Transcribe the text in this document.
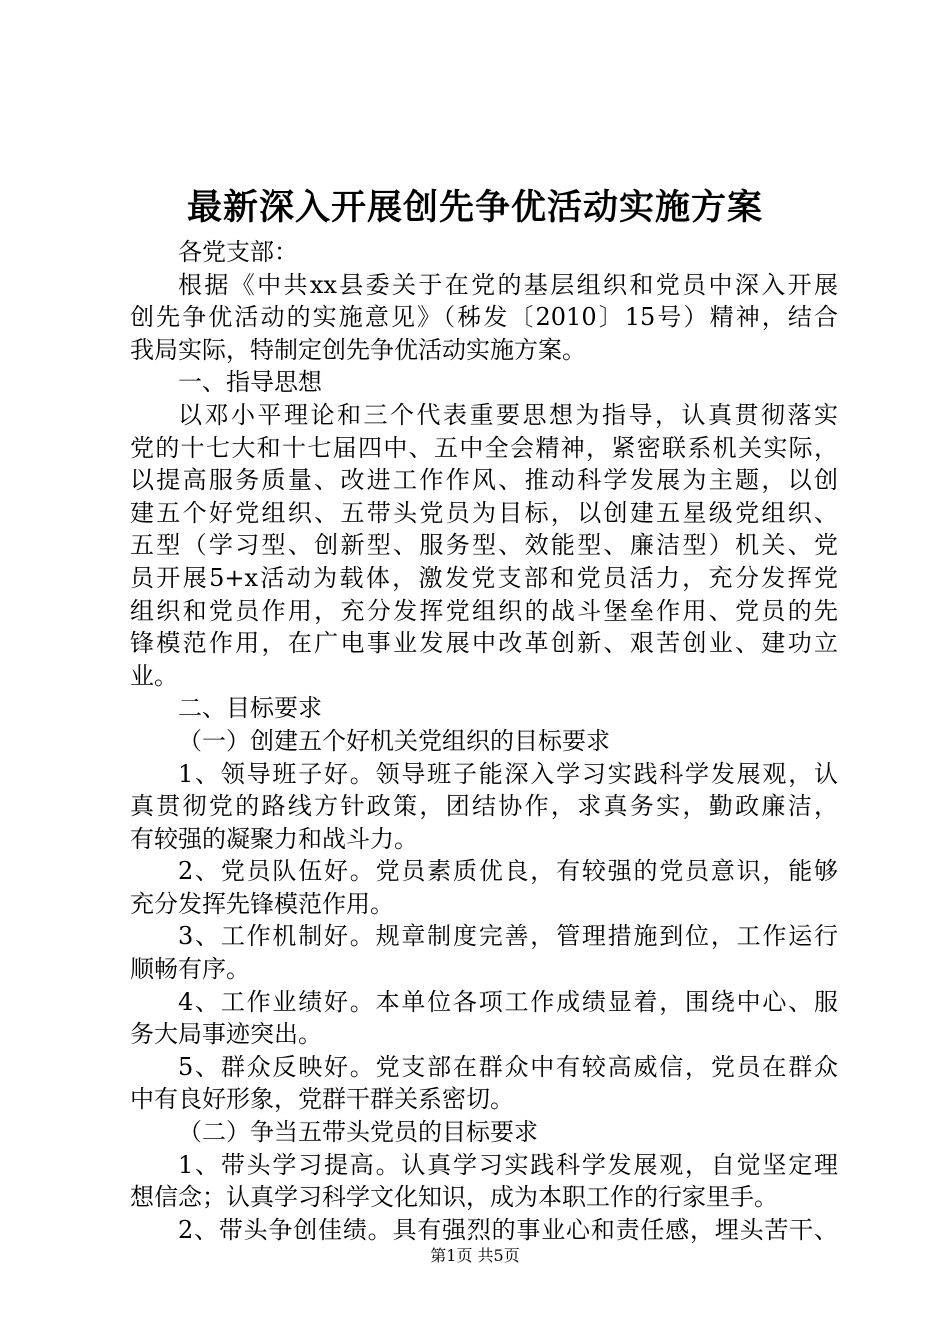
最新深入开展创先争优活动实施方案
各党支部：
根据《中共xx县委关于在党的基层组织和党员中深入开展
创先争优活动的实施意见》（秭发〔2010〕15号）精神，结合
我局实际，特制定创先争优活动实施方案。
一、指导思想
以邓小平理论和三个代表重要思想为指导，认真贯彻落实
党的十七大和十七届四中、五中全会精神，紧密联系机关实际，
以提高服务质量、改进工作作风、推动科学发展为主题，以创
建五个好党组织、五带头党员为目标，以创建五星级党组织、
五型（学习型、创新型、服务型、效能型、廉洁型）机关、党
员开展5+x活动为载体，激发党支部和党员活力，充分发挥党
组织和党员作用，充分发挥党组织的战斗堡垒作用、党员的先
锋模范作用，在广电事业发展中改革创新、艰苦创业、建功立
业。
二、目标要求
（一）创建五个好机关党组织的目标要求
1、领导班子好。领导班子能深入学习实践科学发展观，认
真贯彻党的路线方针政策，团结协作，求真务实，勤政廉洁，
有较强的凝聚力和战斗力。
2、党员队伍好。党员素质优良，有较强的党员意识，能够
充分发挥先锋模范作用。
3、工作机制好。规章制度完善，管理措施到位，工作运行
顺畅有序。
4、工作业绩好。本单位各项工作成绩显着，围绕中心、服
务大局事迹突出。
5、群众反映好。党支部在群众中有较高威信，党员在群众
中有良好形象，党群干群关系密切。
（二）争当五带头党员的目标要求
1、带头学习提高。认真学习实践科学发展观，自觉坚定理
想信念；认真学习科学文化知识，成为本职工作的行家里手。
2、带头争创佳绩。具有强烈的事业心和责任感，埋头苦干、
第1页 共5页
